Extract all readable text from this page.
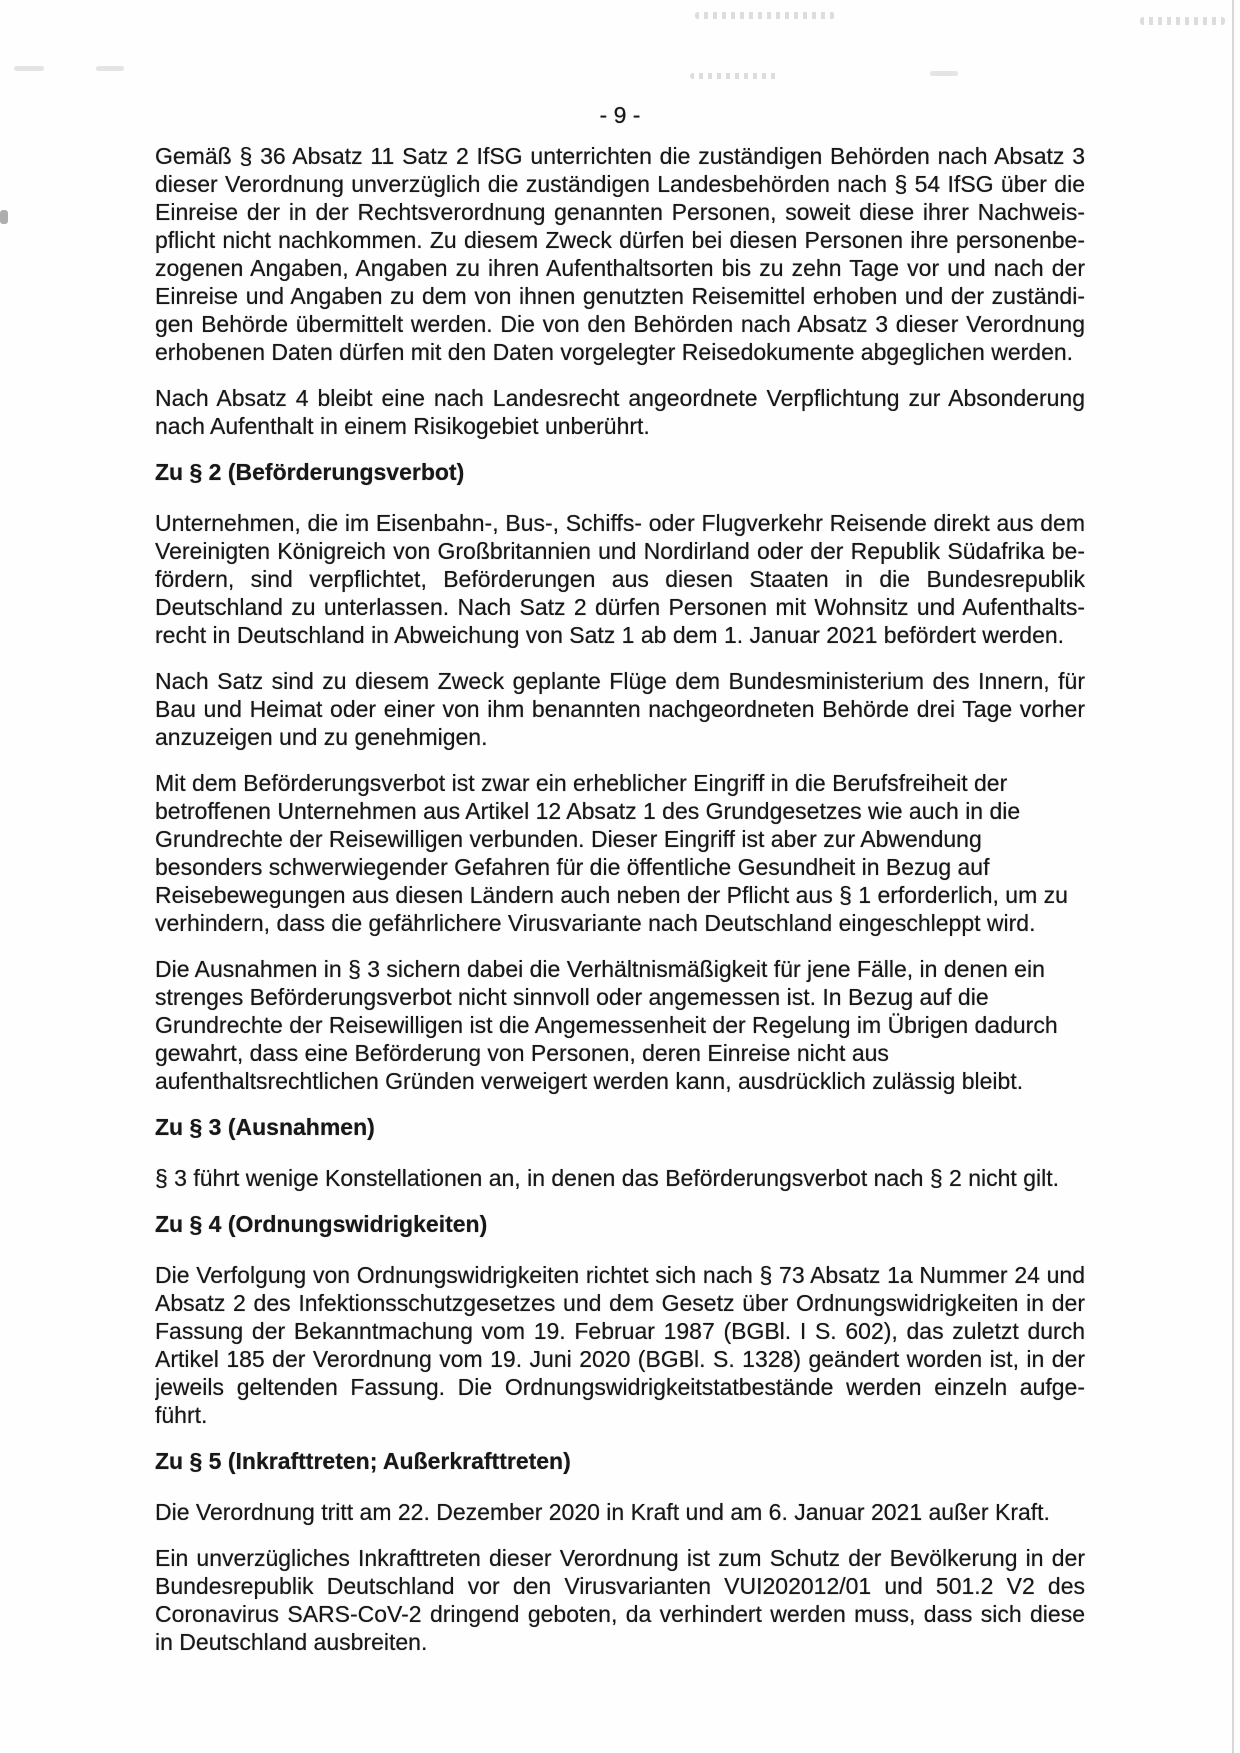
- 9 -
Gemäß § 36 Absatz 11 Satz 2 IfSG unterrichten die zuständigen Behörden nach Absatz 3
dieser Verordnung unverzüglich die zuständigen Landesbehörden nach § 54 IfSG über die
Einreise der in der Rechtsverordnung genannten Personen, soweit diese ihrer Nachweis-
pflicht nicht nachkommen. Zu diesem Zweck dürfen bei diesen Personen ihre personenbe-
zogenen Angaben, Angaben zu ihren Aufenthaltsorten bis zu zehn Tage vor und nach der
Einreise und Angaben zu dem von ihnen genutzten Reisemittel erhoben und der zuständi-
gen Behörde übermittelt werden. Die von den Behörden nach Absatz 3 dieser Verordnung
erhobenen Daten dürfen mit den Daten vorgelegter Reisedokumente abgeglichen werden.
Nach Absatz 4 bleibt eine nach Landesrecht angeordnete Verpflichtung zur Absonderung
nach Aufenthalt in einem Risikogebiet unberührt.
Zu § 2 (Beförderungsverbot)
Unternehmen, die im Eisenbahn-, Bus-, Schiffs- oder Flugverkehr Reisende direkt aus dem
Vereinigten Königreich von Großbritannien und Nordirland oder der Republik Südafrika be-
fördern, sind verpflichtet, Beförderungen aus diesen Staaten in die Bundesrepublik
Deutschland zu unterlassen. Nach Satz 2 dürfen Personen mit Wohnsitz und Aufenthalts-
recht in Deutschland in Abweichung von Satz 1 ab dem 1. Januar 2021 befördert werden.
Nach Satz sind zu diesem Zweck geplante Flüge dem Bundesministerium des Innern, für
Bau und Heimat oder einer von ihm benannten nachgeordneten Behörde drei Tage vorher
anzuzeigen und zu genehmigen.
Mit dem Beförderungsverbot ist zwar ein erheblicher Eingriff in die Berufsfreiheit der
betroffenen Unternehmen aus Artikel 12 Absatz 1 des Grundgesetzes wie auch in die
Grundrechte der Reisewilligen verbunden. Dieser Eingriff ist aber zur Abwendung
besonders schwerwiegender Gefahren für die öffentliche Gesundheit in Bezug auf
Reisebewegungen aus diesen Ländern auch neben der Pflicht aus § 1 erforderlich, um zu
verhindern, dass die gefährlichere Virusvariante nach Deutschland eingeschleppt wird.
Die Ausnahmen in § 3 sichern dabei die Verhältnismäßigkeit für jene Fälle, in denen ein
strenges Beförderungsverbot nicht sinnvoll oder angemessen ist. In Bezug auf die
Grundrechte der Reisewilligen ist die Angemessenheit der Regelung im Übrigen dadurch
gewahrt, dass eine Beförderung von Personen, deren Einreise nicht aus
aufenthaltsrechtlichen Gründen verweigert werden kann, ausdrücklich zulässig bleibt.
Zu § 3 (Ausnahmen)
§ 3 führt wenige Konstellationen an, in denen das Beförderungsverbot nach § 2 nicht gilt.
Zu § 4 (Ordnungswidrigkeiten)
Die Verfolgung von Ordnungswidrigkeiten richtet sich nach § 73 Absatz 1a Nummer 24 und
Absatz 2 des Infektionsschutzgesetzes und dem Gesetz über Ordnungswidrigkeiten in der
Fassung der Bekanntmachung vom 19. Februar 1987 (BGBl. I S. 602), das zuletzt durch
Artikel 185 der Verordnung vom 19. Juni 2020 (BGBl. S. 1328) geändert worden ist, in der
jeweils geltenden Fassung. Die Ordnungswidrigkeitstatbestände werden einzeln aufge-
führt.
Zu § 5 (Inkrafttreten; Außerkrafttreten)
Die Verordnung tritt am 22. Dezember 2020 in Kraft und am 6. Januar 2021 außer Kraft.
Ein unverzügliches Inkrafttreten dieser Verordnung ist zum Schutz der Bevölkerung in der
Bundesrepublik Deutschland vor den Virusvarianten VUI202012/01 und 501.2 V2 des
Coronavirus SARS-CoV-2 dringend geboten, da verhindert werden muss, dass sich diese
in Deutschland ausbreiten.
